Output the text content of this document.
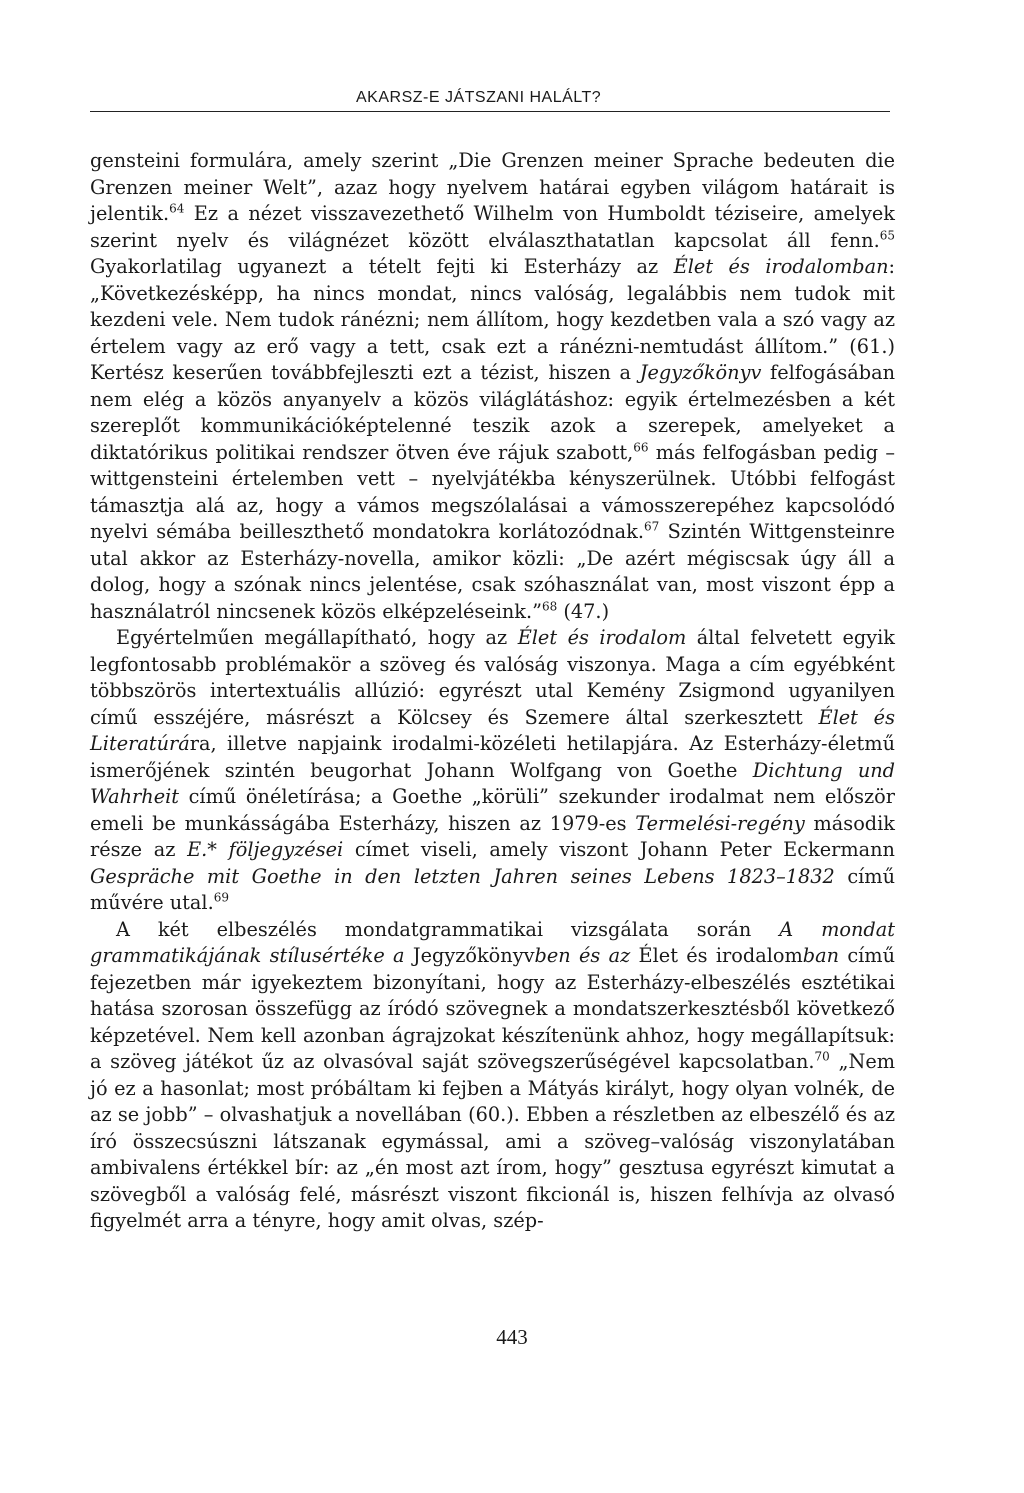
AKARSZ-E JÁTSZANI HALÁLT?

gensteini formulára, amely szerint „Die Grenzen meiner Sprache bedeuten die Grenzen meiner Welt”, azaz hogy nyelvem határai egyben világom határait is jelentik.$^{64}$ Ez a nézet visszavezethető Wilhelm von Humboldt téziseire, amelyek szerint nyelv és világnézet között elválaszthatatlan kapcsolat áll fenn.$^{65}$ Gyakorlatilag ugyanezt a tételt fejti ki Esterházy az Élet és irodalomban: „Következésképp, ha nincs mondat, nincs valóság, legalábbis nem tudok mit kezdeni vele. Nem tudok ránézni; nem állítom, hogy kezdetben vala a szó vagy az értelem vagy az erő vagy a tett, csak ezt a ránézni-nemtudást állítom.” (61.) Kertész keserűen továbbfejleszti ezt a tézist, hiszen a Jegyzőkönyv felfogásában nem elég a közös anyanyelv a közös világlátáshoz: egyik értelmezésben a két szereplőt kommunikációképtelenné teszik azok a szerepek, amelyeket a diktatórikus politikai rendszer ötven éve rájuk szabott,$^{66}$ más felfogásban pedig – wittgensteini értelemben vett – nyelvjátékba kényszerülnek. Utóbbi felfogást támasztja alá az, hogy a vámos megszólalásai a vámosszerepéhez kapcsolódó nyelvi sémába beilleszthető mondatokra korlátozódnak.$^{67}$ Szintén Wittgensteinre utal akkor az Esterházy-novella, amikor közli: „De azért mégiscsak úgy áll a dolog, hogy a szónak nincs jelentése, csak szóhasználat van, most viszont épp a használatról nincsenek közös elképzeléseink.”$^{68}$ (47.)

Egyértelműen megállapítható, hogy az Élet és irodalom által felvetett egyik legfontosabb problémakör a szöveg és valóság viszonya. Maga a cím egyébként többszörös intertextuális allúzió: egyrészt utal Kemény Zsigmond ugyanilyen című esszéjére, másrészt a Kölcsey és Szemere által szerkesztett Élet és Literatúrára, illetve napjaink irodalmi-közéleti hetilapjára. Az Esterházy-életmű ismerőjének szintén beugorhat Johann Wolfgang von Goethe Dichtung und Wahrheit című önéletírása; a Goethe „körüli” szekunder irodalmat nem először emeli be munkásságába Esterházy, hiszen az 1979-es Termelési-regény második része az E.* följegyzései címet viseli, amely viszont Johann Peter Eckermann Gespräche mit Goethe in den letzten Jahren seines Lebens 1823–1832 című művére utal.$^{69}$

A két elbeszélés mondatgrammatikai vizsgálata során A mondat grammatikájának stílusértéke a Jegyzőkönyvben és az Élet és irodalomban című fejezetben már igyekeztem bizonyítani, hogy az Esterházy-elbeszélés esztétikai hatása szorosan összefügg az íródó szövegnek a mondatszerkesztésből következő képzetével. Nem kell azonban ágrajzokat készítenünk ahhoz, hogy megállapítsuk: a szöveg játékot űz az olvasóval saját szövegszerűségével kapcsolatban.$^{70}$ „Nem jó ez a hasonlat; most próbáltam ki fejben a Mátyás királyt, hogy olyan volnék, de az se jobb” – olvashatjuk a novellában (60.). Ebben a részletben az elbeszélő és az író összecsúszni látszanak egymással, ami a szöveg–valóság viszonylatában ambivalens értékkel bír: az „én most azt írom, hogy” gesztusa egyrészt kimutat a szövegből a valóság felé, másrészt viszont fikcionál is, hiszen felhívja az olvasó figyelmét arra a tényre, hogy amit olvas, szép-

443
